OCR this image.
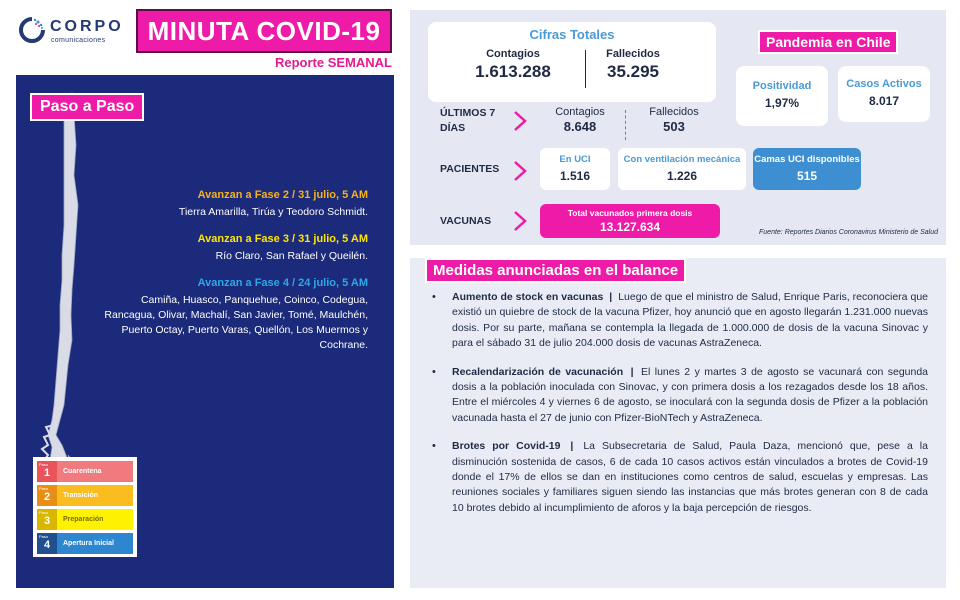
CORPO
comunicaciones MINUTA COVID-19
Reporte SEMANAL
Paso a Paso
Avanzan a Fase 2 / 31 julio, 5 AM
Tierra Amarilla, Tirúa y Teodoro Schmidt.
Avanzan a Fase 3 / 31 julio, 5 AM
Río Claro, San Rafael y Queilén.
Avanzan a Fase 4 / 24 julio, 5 AM
Camiña, Huasco, Panquehue, Coinco, Codegua, Rancagua, Olivar, Machalí, San Javier, Tomé, Maulchén, Puerto Octay, Puerto Varas, Quellón, Los Muermos y Cochrane.
Paso
1	Cuarentena
Paso
2	Transición
Paso
3	Preparación
Paso
4	Apertura Inicial
Cifras Totales
Contagios
1.613.288
Fallecidos
35.295
Pandemia en Chile
Positividad
1,97%
Casos Activos
8.017
ÚLTIMOS 7 DÍAS
Contagios
8.648
Fallecidos
503
PACIENTES
En UCI
1.516
Con ventilación mecánica
1.226
Camas UCI disponibles
515
VACUNAS
Total vacunados primera dosis
13.127.634	Fuente: Reportes Diarios Coronavirus Ministerio de Salud
Medidas anunciadas en el balance
• Aumento de stock en vacunas | Luego de que el ministro de Salud, Enrique Paris, reconociera que existió un quiebre de stock de la vacuna Pfizer, hoy anunció que en agosto llegarán 1.231.000 nuevas dosis. Por su parte, mañana se contempla la llegada de 1.000.000 de dosis de la vacuna Sinovac y para el sábado 31 de julio 204.000 dosis de vacunas AstraZeneca.
• Recalendarización de vacunación | El lunes 2 y martes 3 de agosto se vacunará con segunda dosis a la población inoculada con Sinovac, y con primera dosis a los rezagados desde los 18 años. Entre el miércoles 4 y viernes 6 de agosto, se inoculará con la segunda dosis de Pfizer a la población vacunada hasta el 27 de junio con Pfizer-BioNTech y AstraZeneca.
• Brotes por Covid-19 | La Subsecretaria de Salud, Paula Daza, mencionó que, pese a la disminución sostenida de casos, 6 de cada 10 casos activos están vinculados a brotes de Covid-19 donde el 17% de ellos se dan en instituciones como centros de salud, escuelas y empresas. Las reuniones sociales y familiares siguen siendo las instancias que más brotes generan con 8 de cada 10 brotes debido al incumplimiento de aforos y la baja percepción de riesgos.
